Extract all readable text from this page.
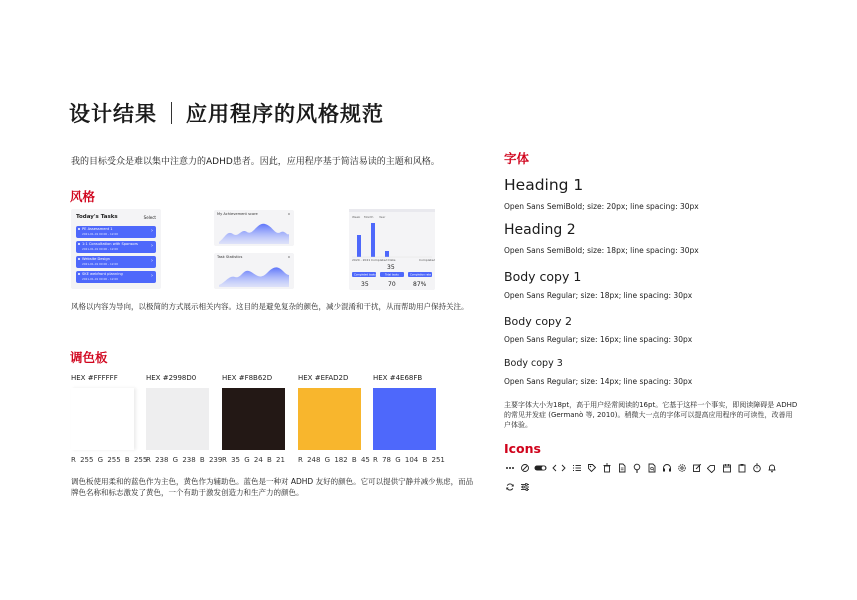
设计结果 应用程序的风格规范
我的目标受众是难以集中注意力的ADHD患者。因此，应用程序基于简洁易读的主题和风格。
风格
Today's Tasks	Select
PE Assessment 1
2021-01-01 09:00 - 12:00	›
1:1 Consultation with Sponsors
2021-01-01 09:00 - 12:00	›
Website Design
2021-01-01 09:00 - 12:00	›
SKE webfront planning
2021-01-01 09:00 - 12:00	›
My Achievement score	x
Task Statistics	x
Week Month Year
2020 - 2021 Completed Date	Completed
35
Completed tasks	Total tasks	Completion rate
35	70	87%
风格以内容为导向，以极简的方式展示相关内容。这目的是避免复杂的颜色，减少混淆和干扰，从而帮助用户保持关注。
调色板
HEX #FFFFFF	HEX #2998D0	HEX #F8B62D	HEX #EFAD2D	HEX #4E68FB
R 255 G 255 B 255
R 238 G 238 B 239 R 35 G 24 B 21 R 248 G 182 B 45 R 78 G 104 B 251
调色板使用柔和的蓝色作为主色，黄色作为辅助色。蓝色是一种对 ADHD 友好的颜色。它可以提供宁静并减少焦虑，而品
牌色名称和标志激发了黄色，一个有助于激发创造力和生产力的颜色。
字体
Heading 1
Open Sans SemiBold; size: 20px; line spacing: 30px
Heading 2
Open Sans SemiBold; size: 18px; line spacing: 30px
Body copy 1
Open Sans Regular; size: 18px; line spacing: 30px
Body copy 2
Open Sans Regular; size: 16px; line spacing: 30px
Body copy 3
Open Sans Regular; size: 14px; line spacing: 30px
主要字体大小为18pt，高于用户经常阅读的16pt。它基于这样一个事实，即阅读障碍是 ADHD
的常见并发症 (Germanò 等, 2010)。稍微大一点的字体可以提高应用程序的可读性，改善用
户体验。
Icons
